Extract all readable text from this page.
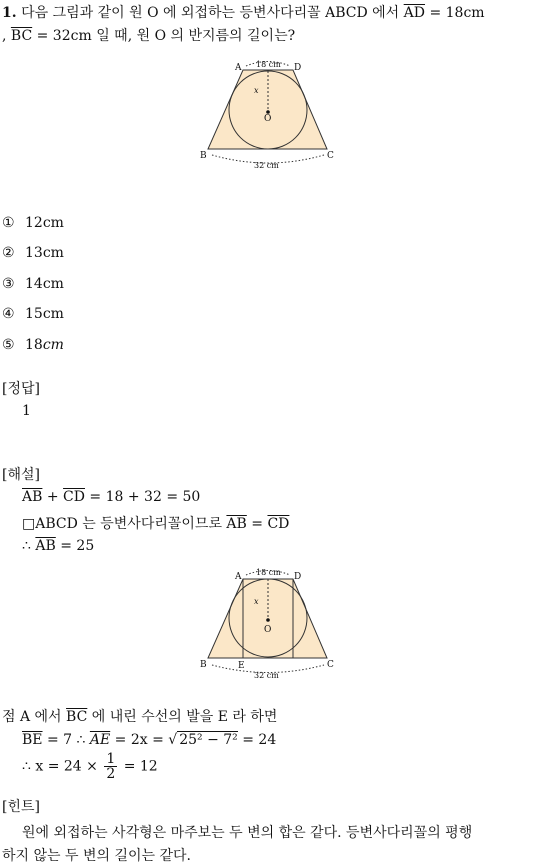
1. 다음 그림과 같이 원 O 에 외접하는 등변사다리꼴 ABCD 에서 $\overline{AD} = 18cm$
, $\overline{BC} = 32cm$ 일 때, 원 O 의 반지름의 길이는?
A	D
B	C
O
x
18 cm
32 cm
① 12cm
② 13cm
③ 14cm
④ 15cm
⑤ 18cm
[정답]
1
[해설]
$\overline{AB} + \overline{CD} = 18 + 32 = 50$
□ABCD 는 등변사다리꼴이므로 $\overline{AB} = \overline{CD}$
∴ $\overline{AB} = 25$
A	D
B	C
E
O
x
18 cm
32 cm
점 A 에서 $\overline{BC}$ 에 내린 수선의 발을 E 라 하면
$\overline{BE} = 7$ ∴ $\overline{AE} = 2x$ = √ 25² − 7² = 24
∴ $x = 24 \times \frac{1}{2} = 12$
[힌트]
원에 외접하는 사각형은 마주보는 두 변의 합은 같다. 등변사다리꼴의 평행
하지 않는 두 변의 길이는 같다.
